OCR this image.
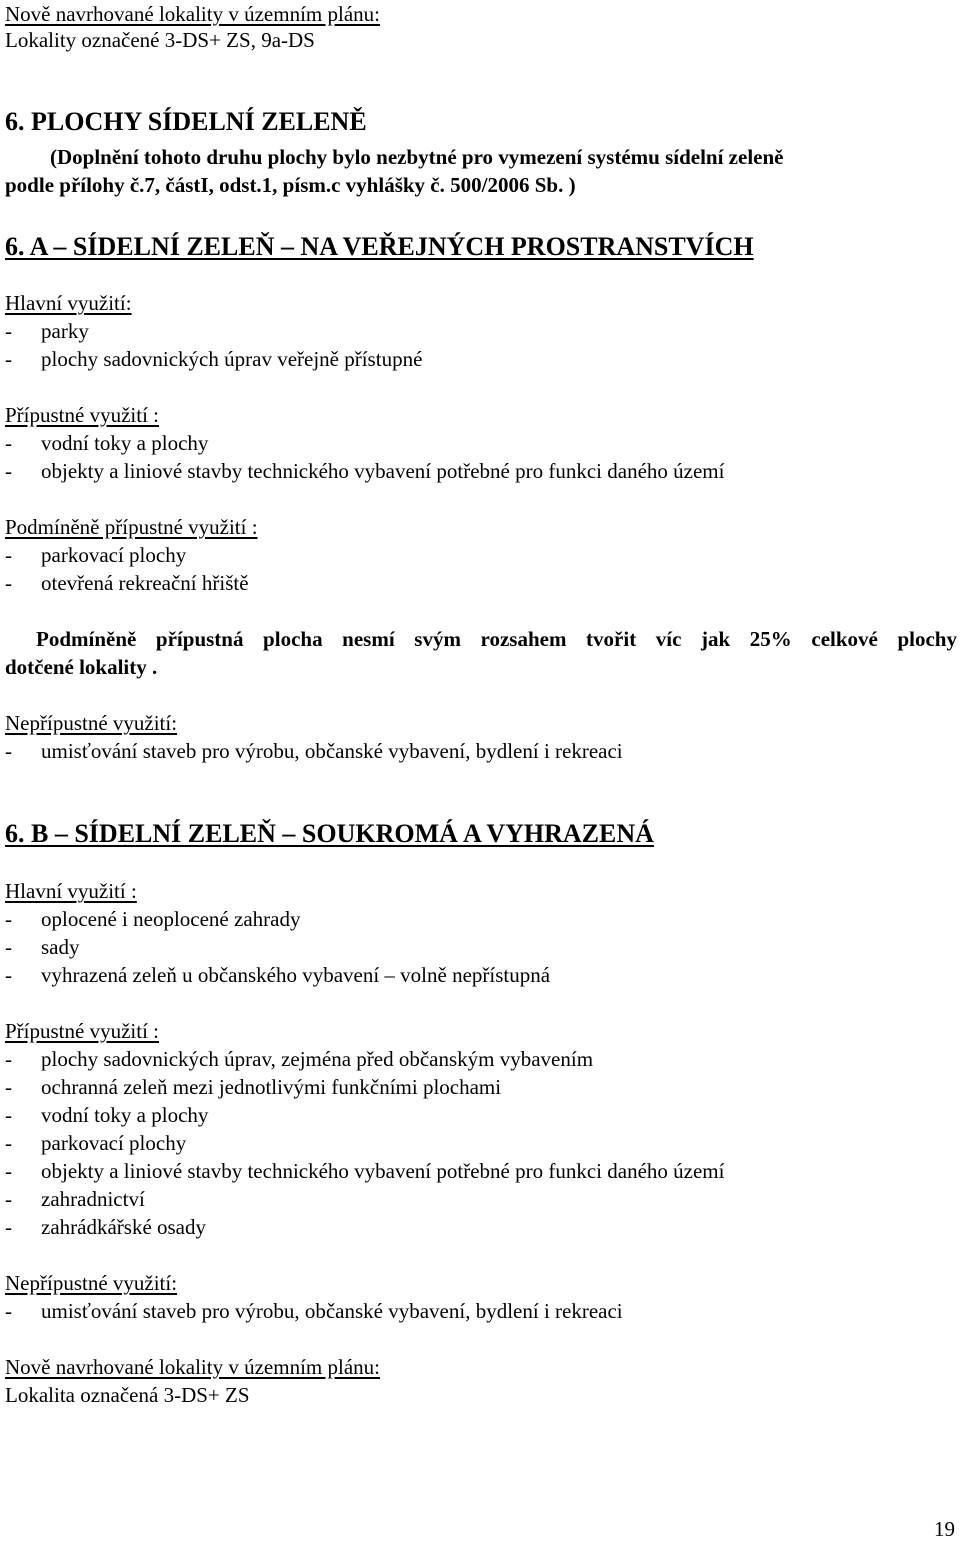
Nově navrhované lokality v územním plánu:
Lokality označené 3-DS+ ZS, 9a-DS
6. PLOCHY SÍDELNÍ ZELENĚ
(Doplnění tohoto druhu plochy bylo nezbytné pro vymezení systému sídelní zeleně
podle přílohy č.7, částI, odst.1, písm.c vyhlášky č. 500/2006 Sb. )
6. A – SÍDELNÍ ZELEŇ – NA VEŘEJNÝCH PROSTRANSTVÍCH
Hlavní využití:
- parky
- plochy sadovnických úprav veřejně přístupné
Přípustné využití :
- vodní toky a plochy
- objekty a liniové stavby technického vybavení potřebné pro funkci daného území
Podmíněně přípustné využití :
- parkovací plochy
- otevřená rekreační hřiště
Podmíněně přípustná plocha nesmí svým rozsahem tvořit víc jak 25% celkové plochy
dotčené lokality .
Nepřípustné využití:
- umisťování staveb pro výrobu, občanské vybavení, bydlení i rekreaci
6. B – SÍDELNÍ ZELEŇ – SOUKROMÁ A VYHRAZENÁ
Hlavní využití :
- oplocené i neoplocené zahrady
- sady
- vyhrazená zeleň u občanského vybavení – volně nepřístupná
Přípustné využití :
- plochy sadovnických úprav, zejména před občanským vybavením
- ochranná zeleň mezi jednotlivými funkčními plochami
- vodní toky a plochy
- parkovací plochy
- objekty a liniové stavby technického vybavení potřebné pro funkci daného území
- zahradnictví
- zahrádkářské osady
Nepřípustné využití:
- umisťování staveb pro výrobu, občanské vybavení, bydlení i rekreaci
Nově navrhované lokality v územním plánu:
Lokalita označená 3-DS+ ZS
19
